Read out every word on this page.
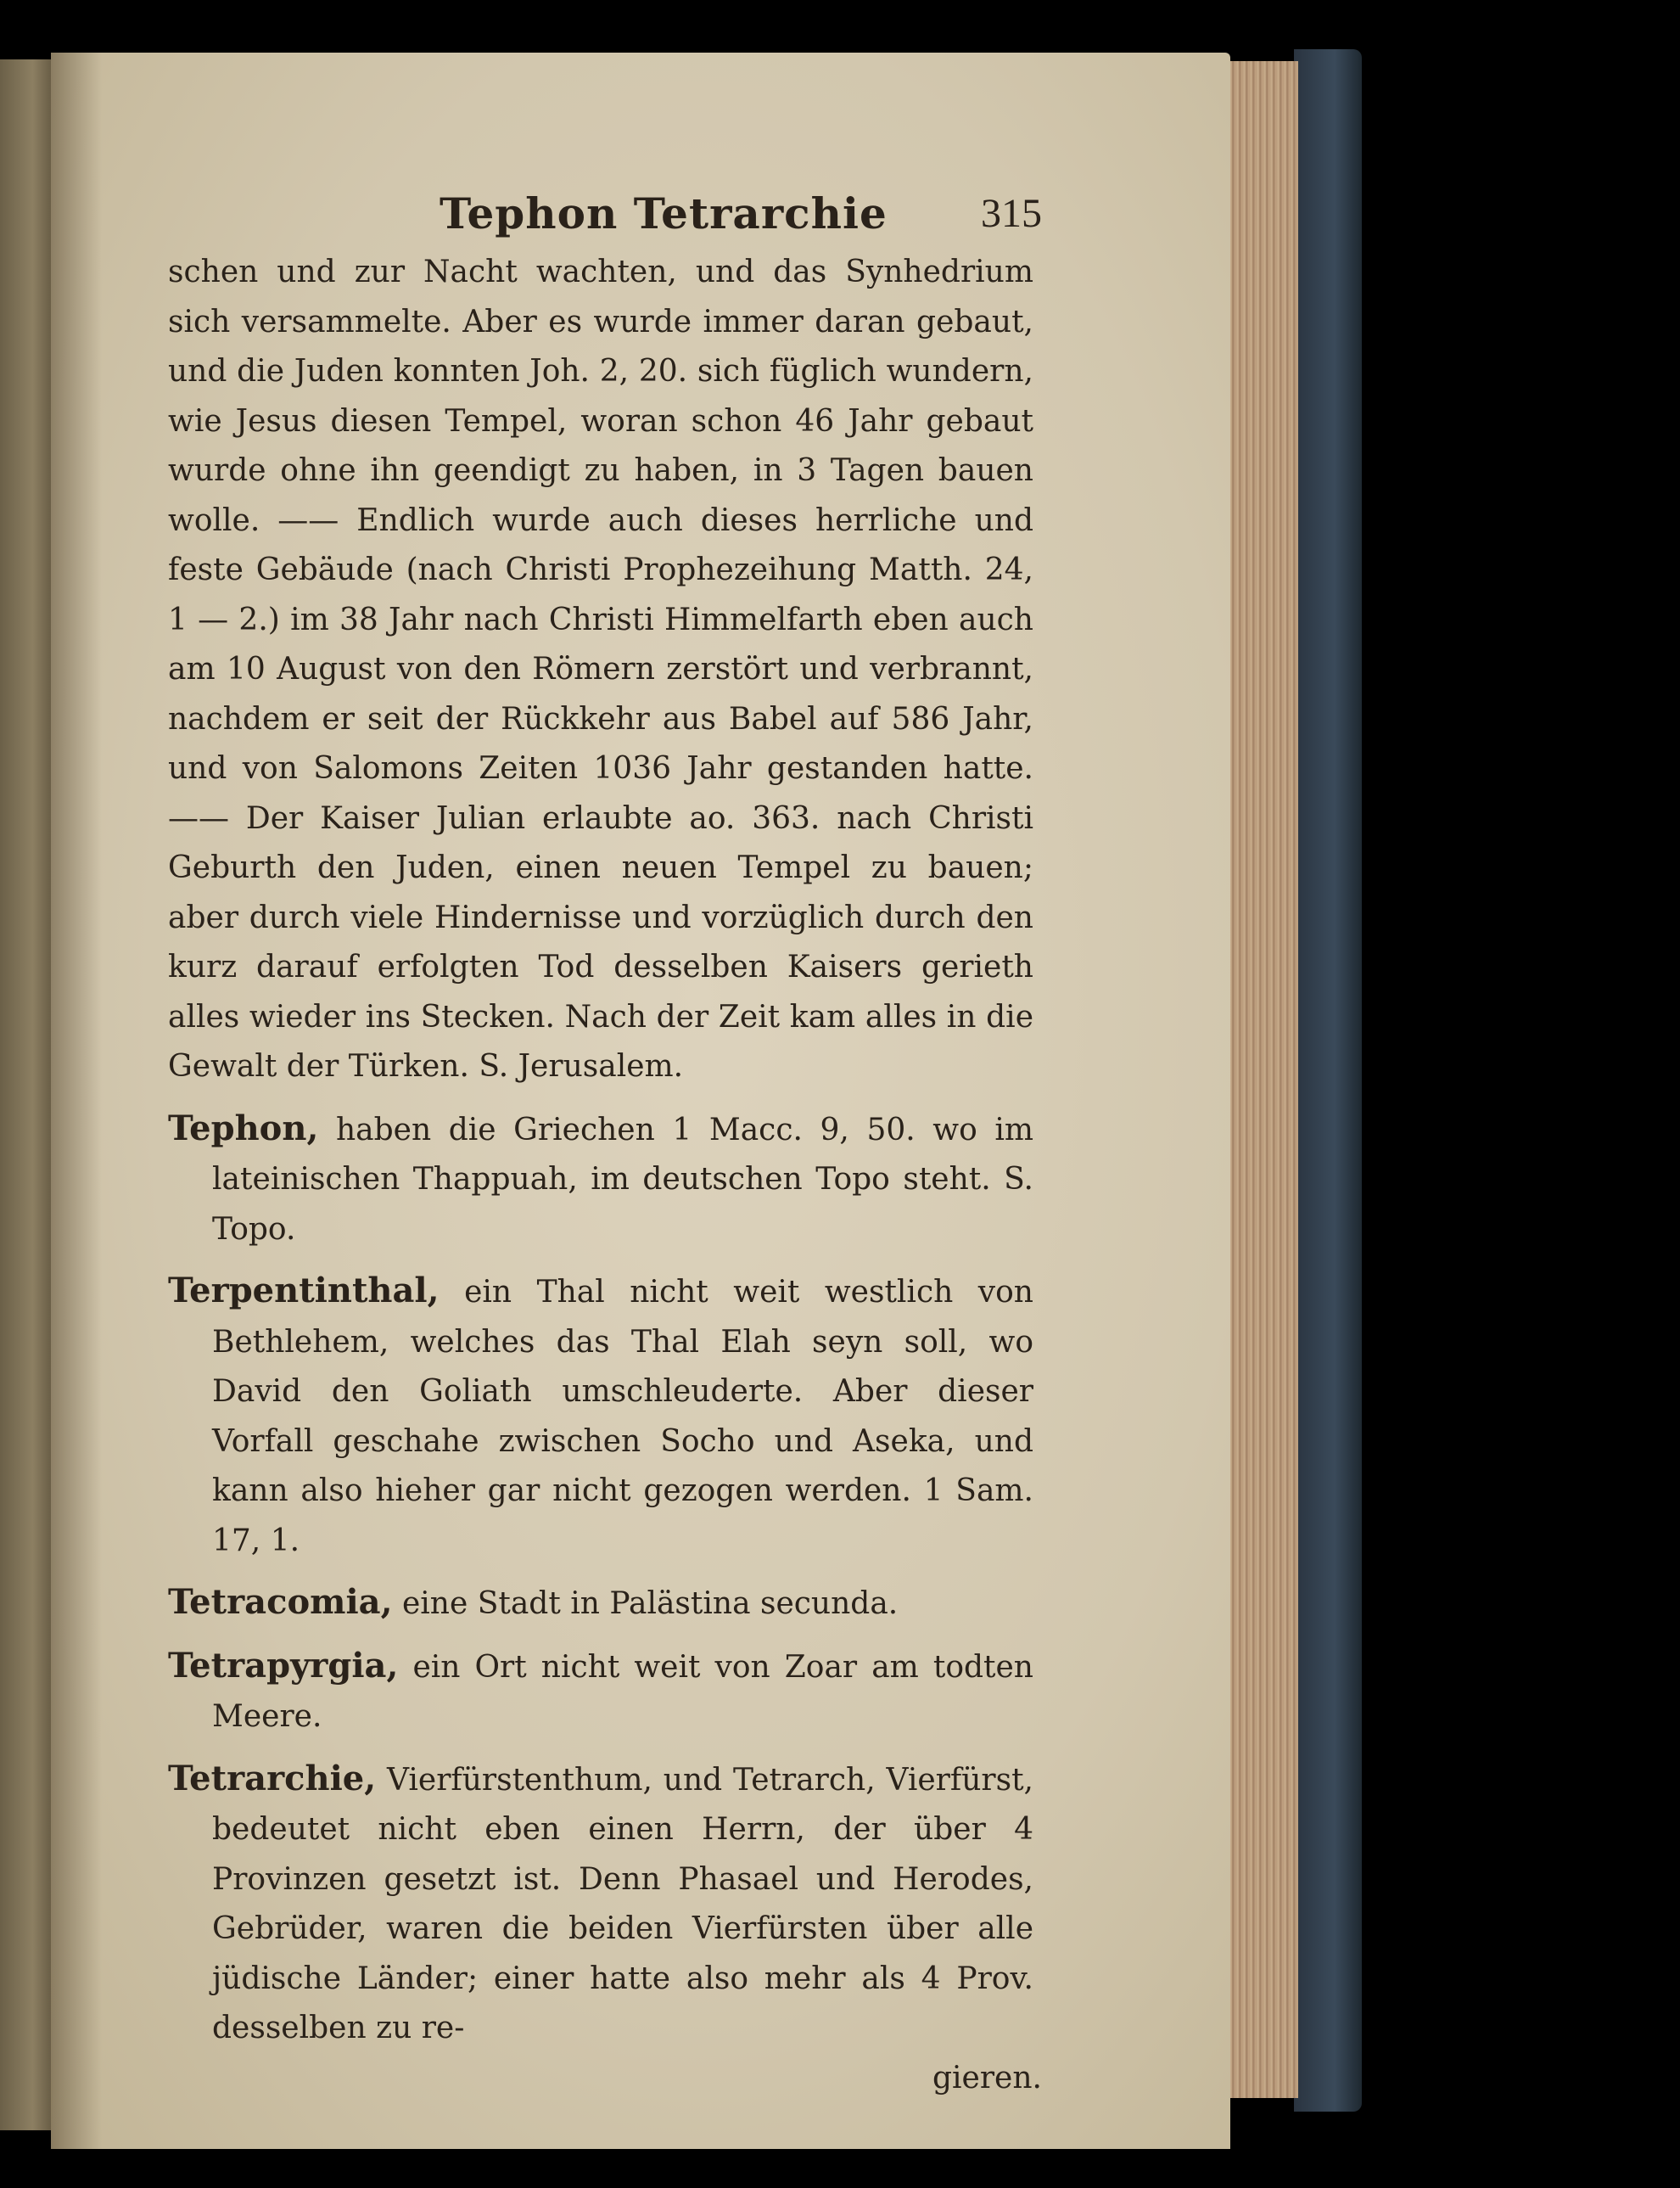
Tephon Tetrarchie 315

schen und zur Nacht wachten, und das Synhedrium sich versammelte. Aber es wurde immer daran gebaut, und die Juden konnten Joh. 2, 20. sich füglich wundern, wie Jesus diesen Tempel, woran schon 46 Jahr gebaut wurde ohne ihn geendigt zu haben, in 3 Tagen bauen wolle. —— Endlich wurde auch dieses herrliche und feste Gebäude (nach Christi Prophezeihung Matth. 24, 1 — 2.) im 38 Jahr nach Christi Himmelfarth eben auch am 10 August von den Römern zerstört und verbrannt, nachdem er seit der Rückkehr aus Babel auf 586 Jahr, und von Salomons Zeiten 1036 Jahr gestanden hatte. —— Der Kaiser Julian erlaubte ao. 363. nach Christi Geburth den Juden, einen neuen Tempel zu bauen; aber durch viele Hindernisse und vorzüglich durch den kurz darauf erfolgten Tod desselben Kaisers gerieth alles wieder ins Stecken. Nach der Zeit kam alles in die Gewalt der Türken. S. Jerusalem.

Tephon, haben die Griechen 1 Macc. 9, 50. wo im lateinischen Thappuah, im deutschen Topo steht. S. Topo.

Terpentinthal, ein Thal nicht weit westlich von Bethlehem, welches das Thal Elah seyn soll, wo David den Goliath umschleuderte. Aber dieser Vorfall geschahe zwischen Socho und Aseka, und kann also hieher gar nicht gezogen werden. 1 Sam. 17, 1.

Tetracomia, eine Stadt in Palästina secunda.

Tetrapyrgia, ein Ort nicht weit von Zoar am todten Meere.

Tetrarchie, Vierfürstenthum, und Tetrarch, Vierfürst, bedeutet nicht eben einen Herrn, der über 4 Provinzen gesetzt ist. Denn Phasael und Herodes, Gebrüder, waren die beiden Vierfürsten über alle jüdische Länder; einer hatte also mehr als 4 Prov. desselben zu re-
gieren.
